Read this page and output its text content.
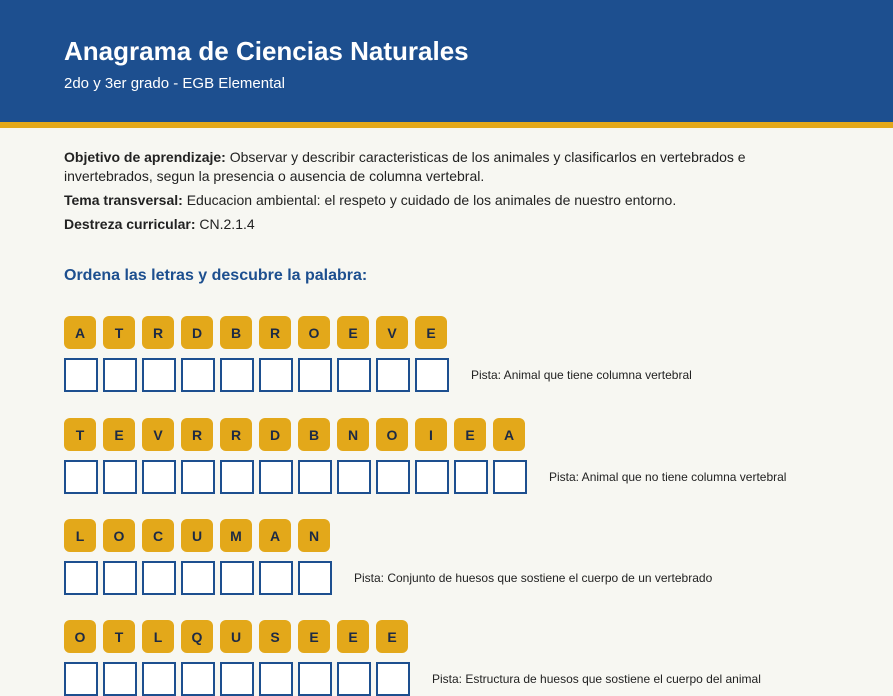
Anagrama de Ciencias Naturales
2do y 3er grado - EGB Elemental

Objetivo de aprendizaje: Observar y describir caracteristicas de los animales y clasificarlos en vertebrados e invertebrados, segun la presencia o ausencia de columna vertebral.

Tema transversal: Educacion ambiental: el respeto y cuidado de los animales de nuestro entorno.

Destreza curricular: CN.2.1.4

Ordena las letras y descubre la palabra:
A	T	R	D	B	R	O	E	V	E
Pista: Animal que tiene columna vertebral
T	E	V	R	R	D	B	N	O	I	E	A
Pista: Animal que no tiene columna vertebral
L	O	C	U	M	A	N
Pista: Conjunto de huesos que sostiene el cuerpo de un vertebrado
O	T	L	Q	U	S	E	E	E
Pista: Estructura de huesos que sostiene el cuerpo del animal
